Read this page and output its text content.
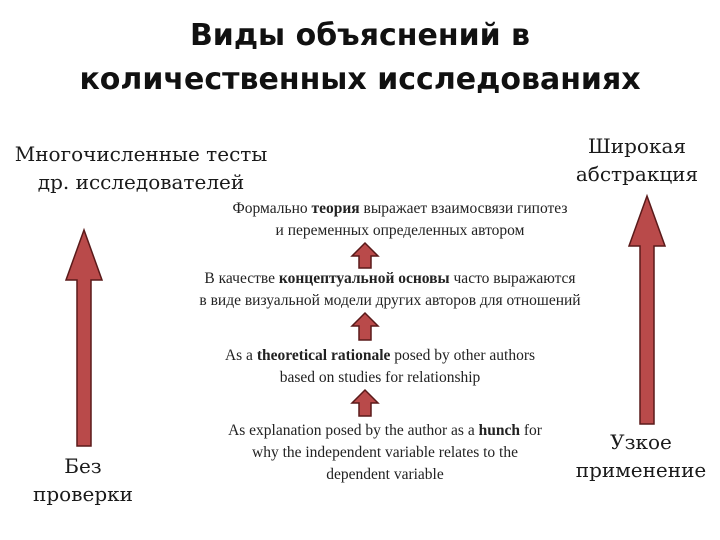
Виды объяснений в
количественных исследованиях
Многочисленные тесты
др. исследователей
Широкая
абстракция
Без
проверки
Узкое
применение
Формально теория выражает взаимосвязи гипотез
и переменных определенных автором
В качестве концептуальной основы часто выражаются
в виде визуальной модели других авторов для отношений
As a theoretical rationale posed by other authors
based on studies for relationship
As explanation posed by the author as a hunch for
why the independent variable relates to the
dependent variable
